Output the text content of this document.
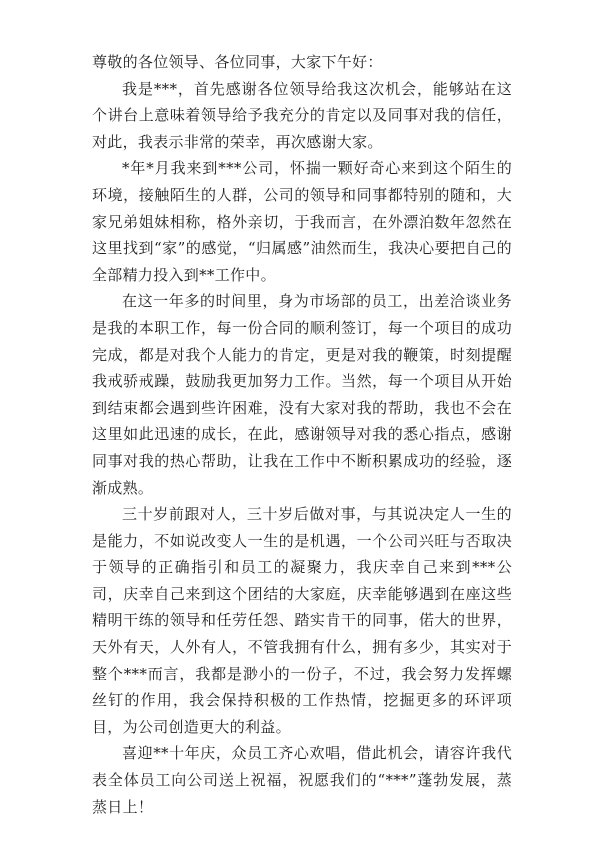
尊敬的各位领导、各位同事，大家下午好：

我是***，首先感谢各位领导给我这次机会，能够站在这个讲台上意味着领导给予我充分的肯定以及同事对我的信任，对此，我表示非常的荣幸，再次感谢大家。

*年*月我来到***公司，怀揣一颗好奇心来到这个陌生的环境，接触陌生的人群，公司的领导和同事都特别的随和，大家兄弟姐妹相称，格外亲切，于我而言，在外漂泊数年忽然在这里找到“家”的感觉，“归属感”油然而生，我决心要把自己的全部精力投入到**工作中。

在这一年多的时间里，身为市场部的员工，出差洽谈业务是我的本职工作，每一份合同的顺利签订，每一个项目的成功完成，都是对我个人能力的肯定，更是对我的鞭策，时刻提醒我戒骄戒躁，鼓励我更加努力工作。当然，每一个项目从开始到结束都会遇到些许困难，没有大家对我的帮助，我也不会在这里如此迅速的成长，在此，感谢领导对我的悉心指点，感谢同事对我的热心帮助，让我在工作中不断积累成功的经验，逐渐成熟。

三十岁前跟对人，三十岁后做对事，与其说决定人一生的是能力，不如说改变人一生的是机遇，一个公司兴旺与否取决于领导的正确指引和员工的凝聚力，我庆幸自己来到***公司，庆幸自己来到这个团结的大家庭，庆幸能够遇到在座这些精明干练的领导和任劳任怨、踏实肯干的同事，偌大的世界，天外有天，人外有人，不管我拥有什么，拥有多少，其实对于整个***而言，我都是渺小的一份子，不过，我会努力发挥螺丝钉的作用，我会保持积极的工作热情，挖掘更多的环评项目，为公司创造更大的利益。

喜迎**十年庆，众员工齐心欢唱，借此机会，请容许我代表全体员工向公司送上祝福，祝愿我们的“***”蓬勃发展，蒸蒸日上！
